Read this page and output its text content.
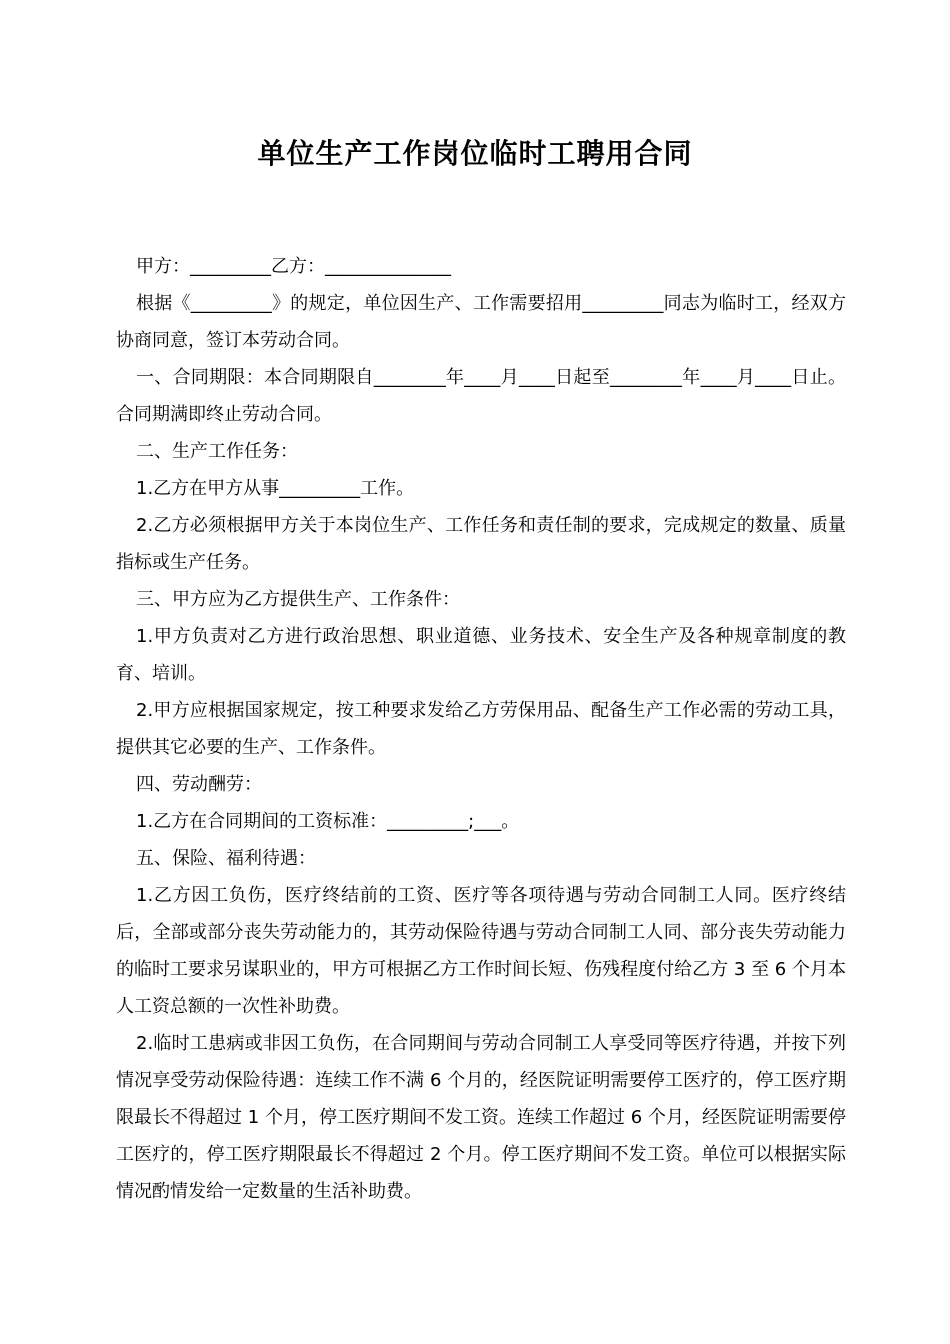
单位生产工作岗位临时工聘用合同

甲方：_________乙方：______________

根据《_________》的规定，单位因生产、工作需要招用_________同志为临时工，经双方协商同意，签订本劳动合同。

一、合同期限：本合同期限自________年____月____日起至________年____月____日止。合同期满即终止劳动合同。

二、生产工作任务：

1.乙方在甲方从事_________工作。

2.乙方必须根据甲方关于本岗位生产、工作任务和责任制的要求，完成规定的数量、质量指标或生产任务。

三、甲方应为乙方提供生产、工作条件：

1.甲方负责对乙方进行政治思想、职业道德、业务技术、安全生产及各种规章制度的教育、培训。

2.甲方应根据国家规定，按工种要求发给乙方劳保用品、配备生产工作必需的劳动工具，提供其它必要的生产、工作条件。

四、劳动酬劳：

1.乙方在合同期间的工资标准：_________;___。

五、保险、福利待遇：

1.乙方因工负伤，医疗终结前的工资、医疗等各项待遇与劳动合同制工人同。医疗终结后，全部或部分丧失劳动能力的，其劳动保险待遇与劳动合同制工人同、部分丧失劳动能力的临时工要求另谋职业的，甲方可根据乙方工作时间长短、伤残程度付给乙方 3 至 6 个月本人工资总额的一次性补助费。

2.临时工患病或非因工负伤，在合同期间与劳动合同制工人享受同等医疗待遇，并按下列情况享受劳动保险待遇：连续工作不满 6 个月的，经医院证明需要停工医疗的，停工医疗期限最长不得超过 1 个月，停工医疗期间不发工资。连续工作超过 6 个月，经医院证明需要停工医疗的，停工医疗期限最长不得超过 2 个月。停工医疗期间不发工资。单位可以根据实际情况酌情发给一定数量的生活补助费。
